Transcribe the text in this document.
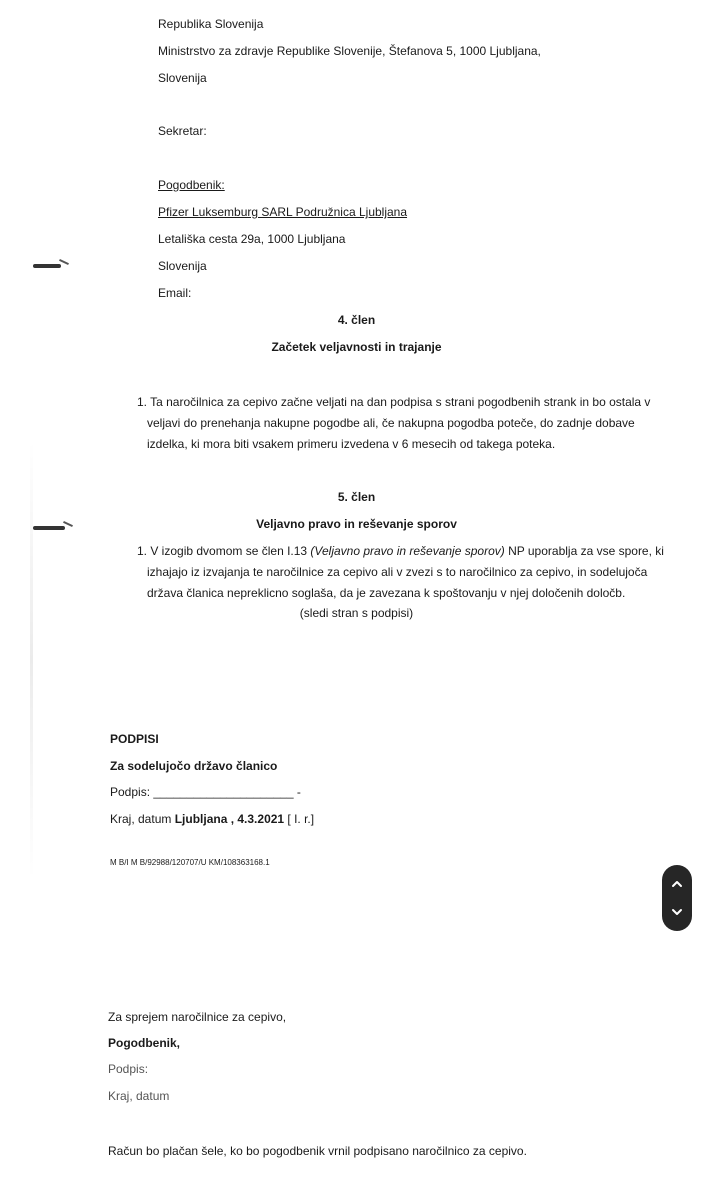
Republika Slovenija
Ministrstvo za zdravje Republike Slovenije, Štefanova 5, 1000 Ljubljana,
Slovenija
Sekretar:
Pogodbenik:
Pfizer Luksemburg SARL Podružnica Ljubljana
Letališka cesta 29a, 1000 Ljubljana
Slovenija
Email:
4. člen
Začetek veljavnosti in trajanje
1. Ta naročilnica za cepivo začne veljati na dan podpisa s strani pogodbenih strank in bo ostala v
veljavi do prenehanja nakupne pogodbe ali, če nakupna pogodba poteče, do zadnje dobave
izdelka, ki mora biti vsakem primeru izvedena v 6 mesecih od takega poteka.
5. člen
Veljavno pravo in reševanje sporov
1. V izogib dvomom se člen I.13 (Veljavno pravo in reševanje sporov) NP uporablja za vse spore, ki
izhajajo iz izvajanja te naročilnice za cepivo ali v zvezi s to naročilnico za cepivo, in sodelujoča
država članica nepreklicno soglaša, da je zavezana k spoštovanju v njej določenih določb.
(sledi stran s podpisi)
PODPISI
Za sodelujočo državo članico
Podpis: _____________________ -
Kraj, datum Ljubljana , 4.3.2021 [ I. r.]
M B/I M B/92988/120707/U KM/108363168.1
Za sprejem naročilnice za cepivo,
Pogodbenik,
Podpis:
Kraj, datum
Račun bo plačan šele, ko bo pogodbenik vrnil podpisano naročilnico za cepivo.
